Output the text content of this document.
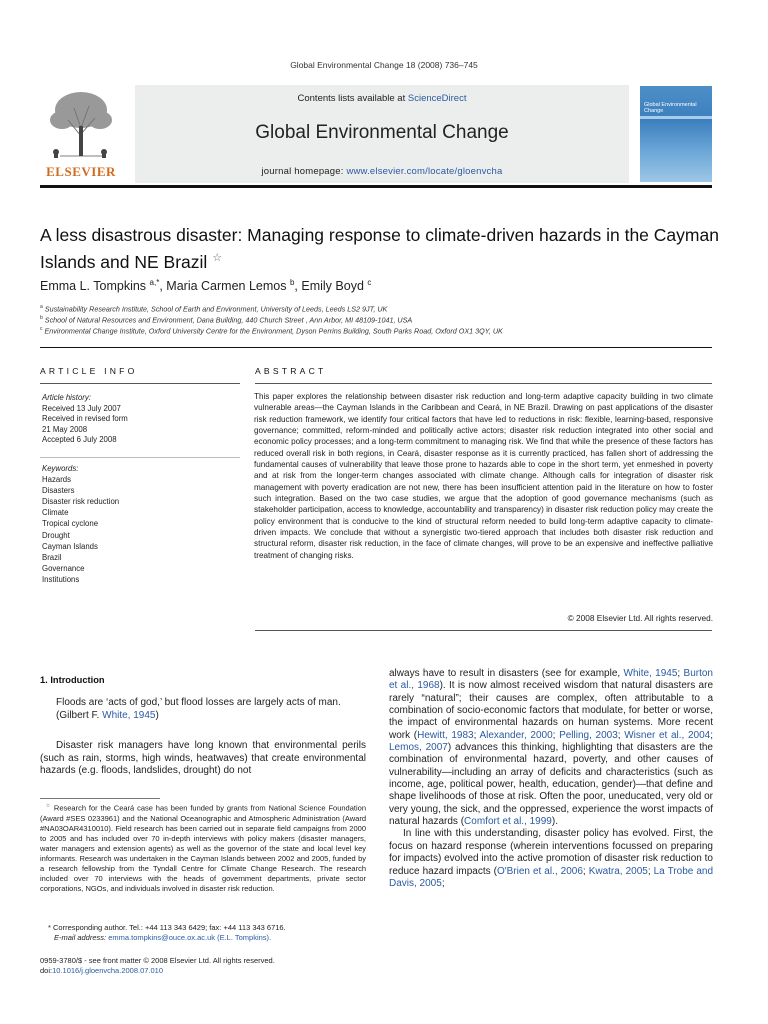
Global Environmental Change 18 (2008) 736–745
Contents lists available at ScienceDirect
Global Environmental Change
journal homepage: www.elsevier.com/locate/gloenvcha
ELSEVIER
Global Environmental Change
A less disastrous disaster: Managing response to climate-driven hazards in the Cayman Islands and NE Brazil ☆
Emma L. Tompkins $^{a,*}$, Maria Carmen Lemos $^b$, Emily Boyd $^c$
$^a$ Sustainability Research Institute, School of Earth and Environment, University of Leeds, Leeds LS2 9JT, UK
$^b$ School of Natural Resources and Environment, Dana Building, 440 Church Street , Ann Arbor, MI 48109-1041, USA
$^c$ Environmental Change Institute, Oxford University Centre for the Environment, Dyson Perrins Building, South Parks Road, Oxford OX1 3QY, UK
ARTICLE INFO
Article history:
Received 13 July 2007
Received in revised form
21 May 2008
Accepted 6 July 2008
Keywords:
Hazards
Disasters
Disaster risk reduction
Climate
Tropical cyclone
Drought
Cayman Islands
Brazil
Governance
Institutions
ABSTRACT
This paper explores the relationship between disaster risk reduction and long-term adaptive capacity building in two climate vulnerable areas—the Cayman Islands in the Caribbean and Ceará, in NE Brazil. Drawing on past applications of the disaster risk reduction framework, we identify four critical factors that have led to reductions in risk: flexible, learning-based, responsive governance; committed, reform-minded and politically active actors; disaster risk reduction integrated into other social and economic policy processes; and a long-term commitment to managing risk. We find that while the presence of these factors has reduced overall risk in both regions, in Ceará, disaster response as it is currently practiced, has fallen short of addressing the fundamental causes of vulnerability that leave those prone to hazards able to cope in the short term, yet enmeshed in poverty and at risk from the longer-term changes associated with climate change. Although calls for integration of disaster risk management with poverty eradication are not new, there has been insufficient attention paid in the literature on how to foster such integration. Based on the two case studies, we argue that the adoption of good governance mechanisms (such as stakeholder participation, access to knowledge, accountability and transparency) in disaster risk reduction policy may create the policy environment that is conducive to the kind of structural reform needed to build long-term adaptive capacity to climate-driven impacts. We conclude that without a synergistic two-tiered approach that includes both disaster risk reduction and structural reform, disaster risk reduction, in the face of climate changes, will prove to be an expensive and ineffective palliative treatment of changing risks.
© 2008 Elsevier Ltd. All rights reserved.
1. Introduction
Floods are ‘acts of god,’ but flood losses are largely acts of man. (Gilbert F. White, 1945)
Disaster risk managers have long known that environmental perils (such as rain, storms, high winds, heatwaves) that create environmental hazards (e.g. floods, landslides, drought) do not
☆ Research for the Ceará case has been funded by grants from National Science Foundation (Award #SES 0233961) and the National Oceanographic and Atmospheric Administration (Award #NA03OAR4310010). Field research has been carried out in separate field campaigns from 2000 to 2005 and has included over 70 in-depth interviews with policy makers (disaster managers, water managers and extension agents) as well as the governor of the state and local level key informants. Research was undertaken in the Cayman Islands between 2002 and 2005, funded by a research fellowship from the Tyndall Centre for Climate Change Research. The research included over 70 interviews with the heads of government departments, private sector corporations, NGOs, and individuals involved in disaster risk reduction.
* Corresponding author. Tel.: +44 113 343 6429; fax: +44 113 343 6716.
E-mail address: emma.tompkins@ouce.ox.ac.uk (E.L. Tompkins).
0959-3780/$ - see front matter © 2008 Elsevier Ltd. All rights reserved.
doi:10.1016/j.gloenvcha.2008.07.010

always have to result in disasters (see for example, White, 1945; Burton et al., 1968). It is now almost received wisdom that natural disasters are rarely “natural”; their causes are complex, often attributable to a combination of socio-economic factors that modulate, for better or worse, the impact of environmental hazards on human systems. More recent work (Hewitt, 1983; Alexander, 2000; Pelling, 2003; Wisner et al., 2004; Lemos, 2007) advances this thinking, highlighting that disasters are the combination of environmental hazard, poverty, and other causes of vulnerability—including an array of deficits and characteristics (such as income, age, political power, health, education, gender)—that define and shape livelihoods of those at risk. Often the poor, uneducated, very old or very young, the sick, and the oppressed, experience the worst impacts of natural hazards (Comfort et al., 1999).

In line with this understanding, disaster policy has evolved. First, the focus on hazard response (wherein interventions focussed on preparing for impacts) evolved into the active promotion of disaster risk reduction to reduce hazard impacts (O'Brien et al., 2006; Kwatra, 2005; La Trobe and Davis, 2005;
